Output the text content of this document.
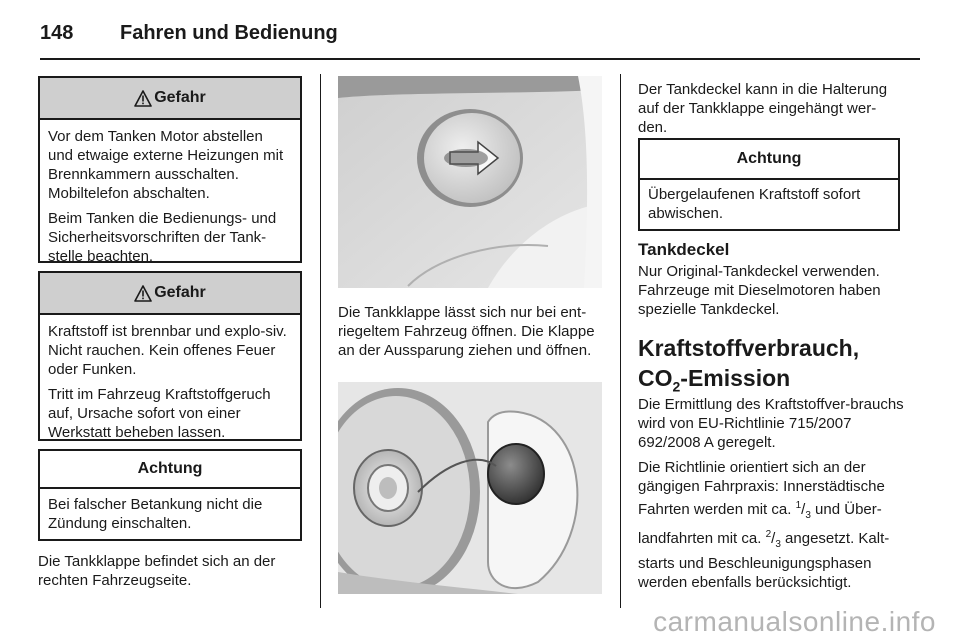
148 Fahren und Bedienung
Gefahr

Vor dem Tanken Motor abstellen und etwaige externe Heizungen mit Brennkammern ausschalten. Mobiltelefon abschalten.

Beim Tanken die Bedienungs- und Sicherheitsvorschriften der Tank-stelle beachten.

Gefahr

Kraftstoff ist brennbar und explo-siv. Nicht rauchen. Kein offenes Feuer oder Funken.

Tritt im Fahrzeug Kraftstoffgeruch auf, Ursache sofort von einer Werkstatt beheben lassen.

Achtung

Bei falscher Betankung nicht die Zündung einschalten.

Die Tankklappe befindet sich an der rechten Fahrzeugseite.

Die Tankklappe lässt sich nur bei ent-riegeltem Fahrzeug öffnen. Die Klappe an der Aussparung ziehen und öffnen.

Der Tankdeckel kann in die Halterung auf der Tankklappe eingehängt wer-den.

Achtung

Übergelaufenen Kraftstoff sofort abwischen.

Tankdeckel

Nur Original-Tankdeckel verwenden. Fahrzeuge mit Dieselmotoren haben spezielle Tankdeckel.

Kraftstoffverbrauch,
$CO_2$-Emission

Die Ermittlung des Kraftstoffver-brauchs wird von EU-Richtlinie 715/2007 692/2008 A geregelt.

Die Richtlinie orientiert sich an der gängigen Fahrpraxis: Innerstädtische Fahrten werden mit ca. $^1/_3$ und Über-landfahrten mit ca. $^2/_3$ angesetzt. Kalt-starts und Beschleunigungsphasen werden ebenfalls berücksichtigt.

carmanualsonline.info
